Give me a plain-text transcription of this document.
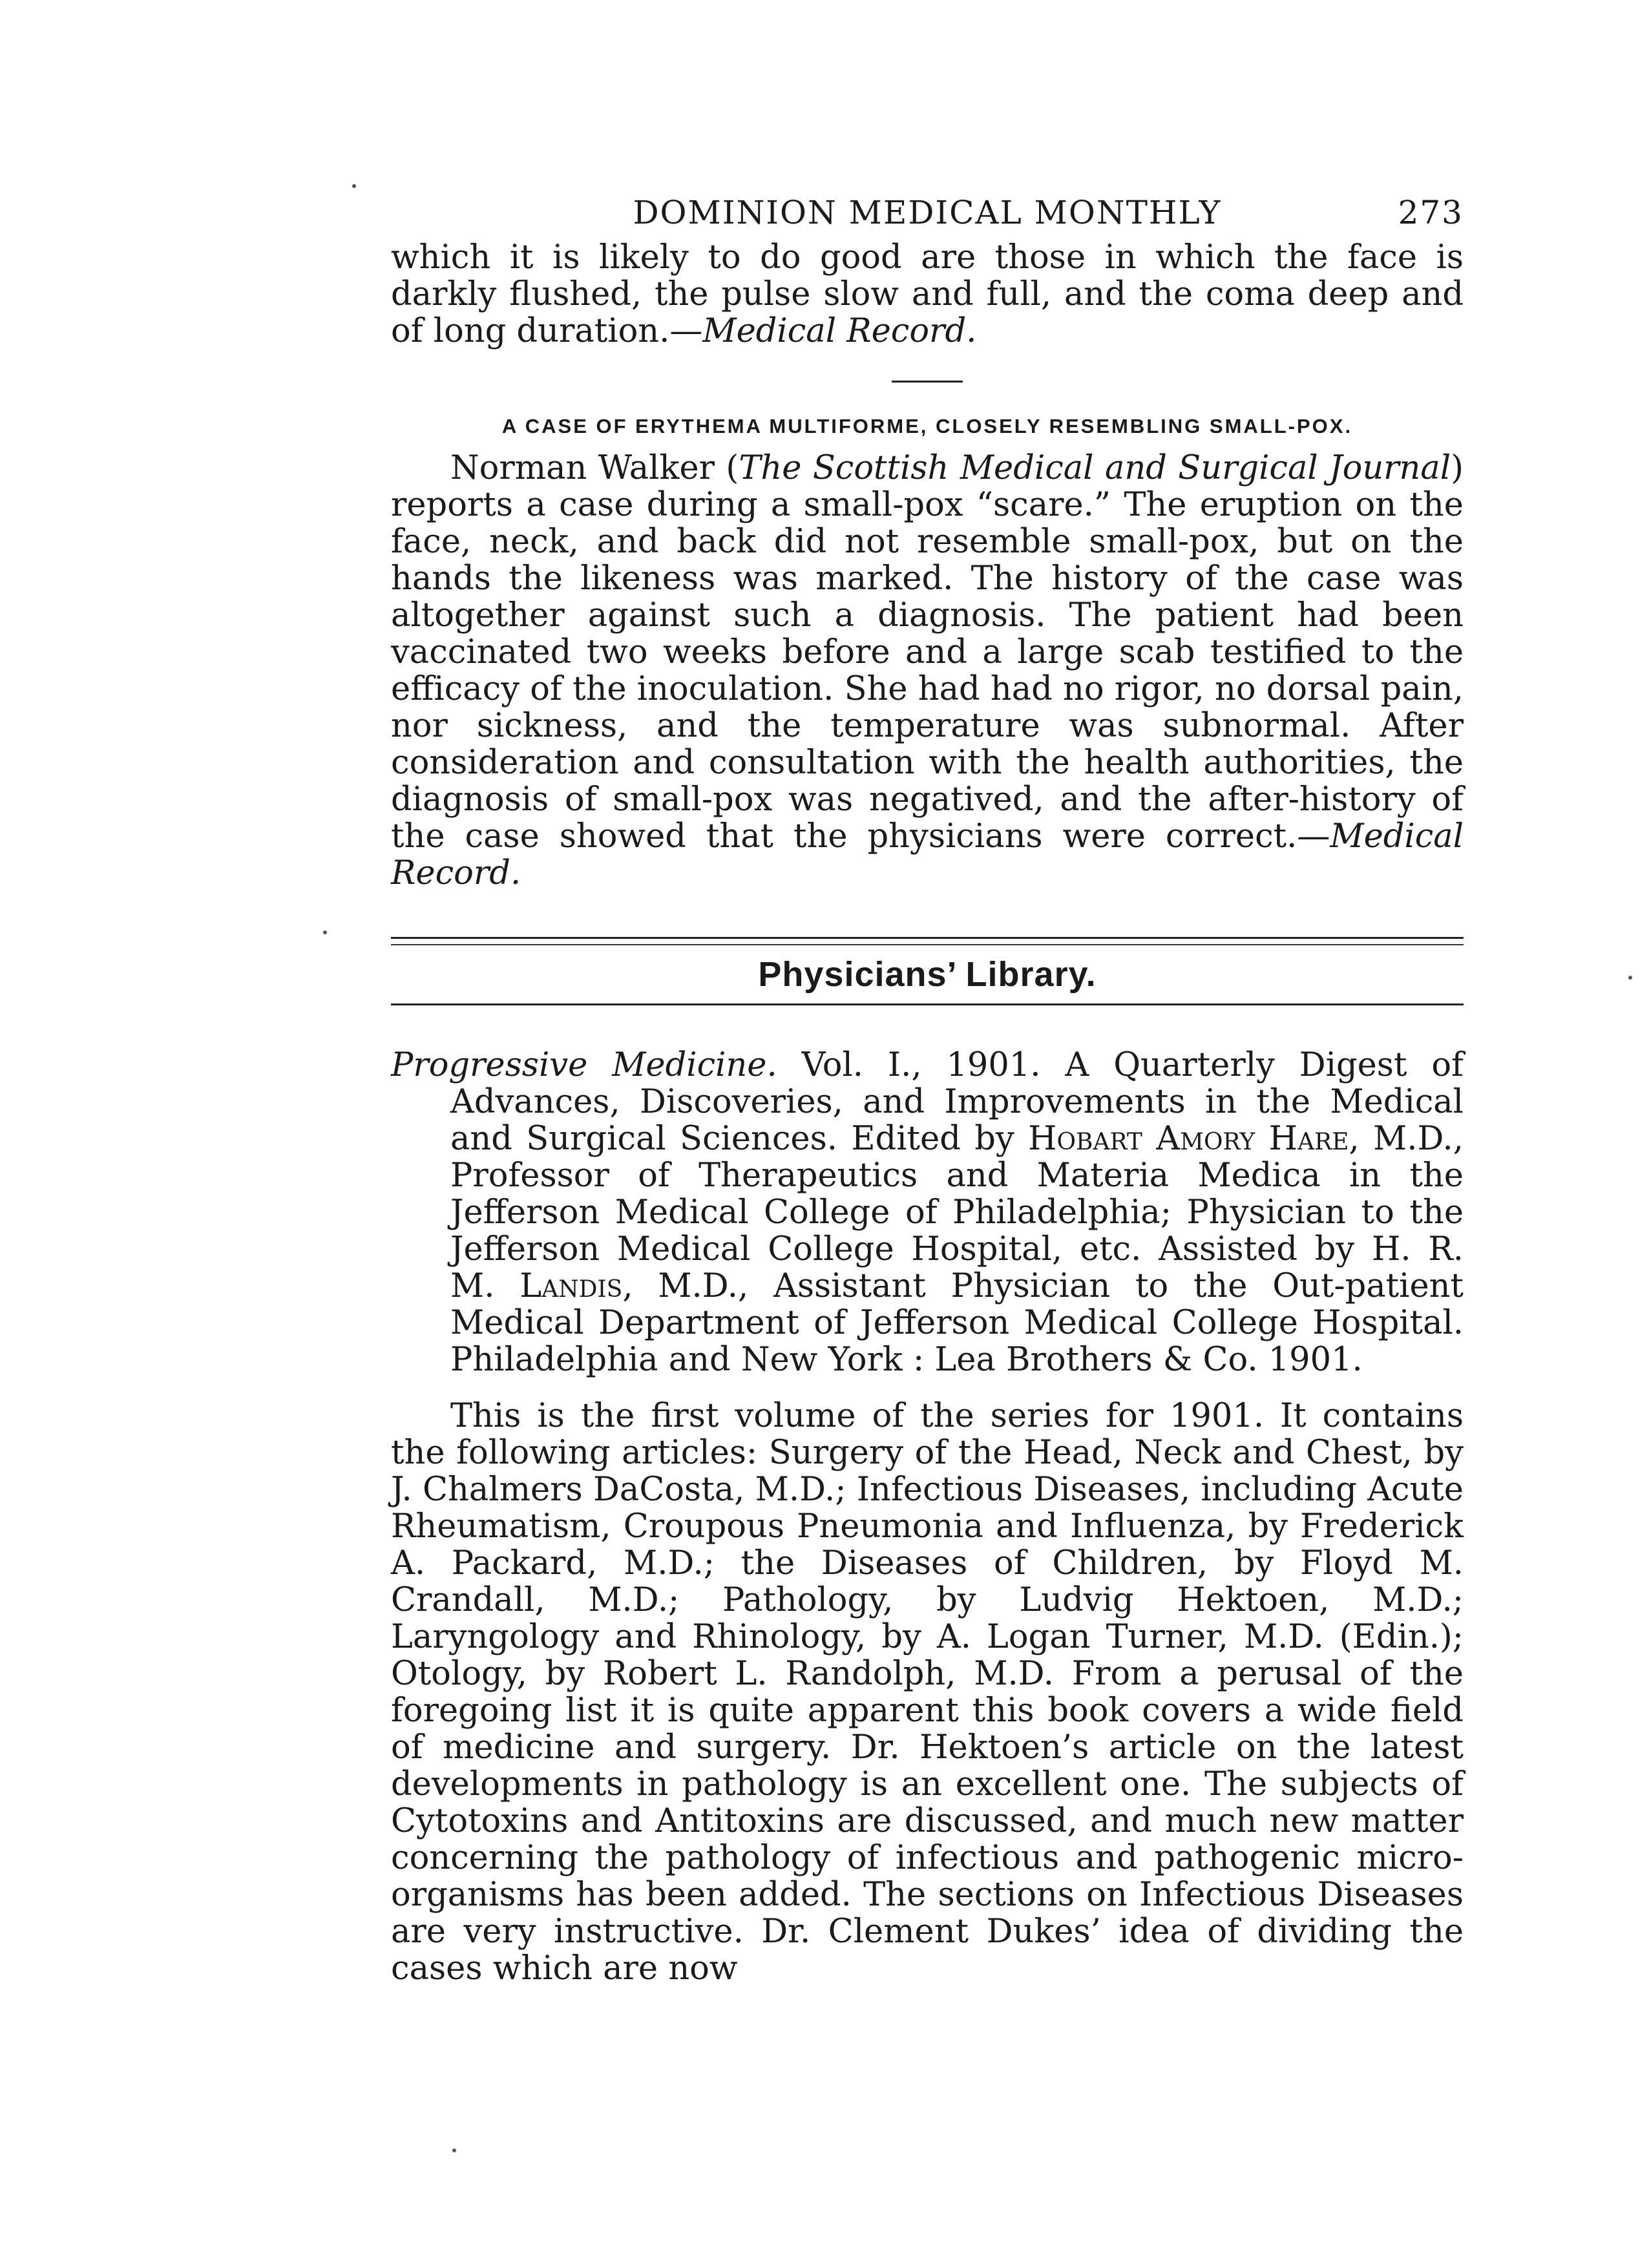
DOMINION MEDICAL MONTHLY	273

which it is likely to do good are those in which the face is darkly flushed, the pulse slow and full, and the coma deep and of long duration.—Medical Record.

A CASE OF ERYTHEMA MULTIFORME, CLOSELY RESEMBLING SMALL-POX.

Norman Walker (The Scottish Medical and Surgical Journal) reports a case during a small-pox “scare.” The eruption on the face, neck, and back did not resemble small-pox, but on the hands the likeness was marked. The history of the case was altogether against such a diagnosis. The patient had been vaccinated two weeks before and a large scab testified to the efficacy of the inoculation. She had had no rigor, no dorsal pain, nor sickness, and the temperature was subnormal. After consideration and consultation with the health authorities, the diagnosis of small-pox was negatived, and the after-history of the case showed that the physicians were correct.—Medical Record.

Physicians’ Library.

Progressive Medicine. Vol. I., 1901. A Quarterly Digest of Advances, Discoveries, and Improvements in the Medical and Surgical Sciences. Edited by Hobart Amory Hare, M.D., Professor of Therapeutics and Materia Medica in the Jefferson Medical College of Philadelphia; Physician to the Jefferson Medical College Hospital, etc. Assisted by H. R. M. Landis, M.D., Assistant Physician to the Out-patient Medical Department of Jefferson Medical College Hospital. Philadelphia and New York : Lea Brothers & Co. 1901.

This is the first volume of the series for 1901. It contains the following articles: Surgery of the Head, Neck and Chest, by J. Chalmers DaCosta, M.D.; Infectious Diseases, including Acute Rheumatism, Croupous Pneumonia and Influenza, by Frederick A. Packard, M.D.; the Diseases of Children, by Floyd M. Crandall, M.D.; Pathology, by Ludvig Hektoen, M.D.; Laryngology and Rhinology, by A. Logan Turner, M.D. (Edin.); Otology, by Robert L. Randolph, M.D. From a perusal of the foregoing list it is quite apparent this book covers a wide field of medicine and surgery. Dr. Hektoen’s article on the latest developments in pathology is an excellent one. The subjects of Cytotoxins and Antitoxins are discussed, and much new matter concerning the pathology of infectious and pathogenic micro-organisms has been added. The sections on Infectious Diseases are very instructive. Dr. Clement Dukes’ idea of dividing the cases which are now
